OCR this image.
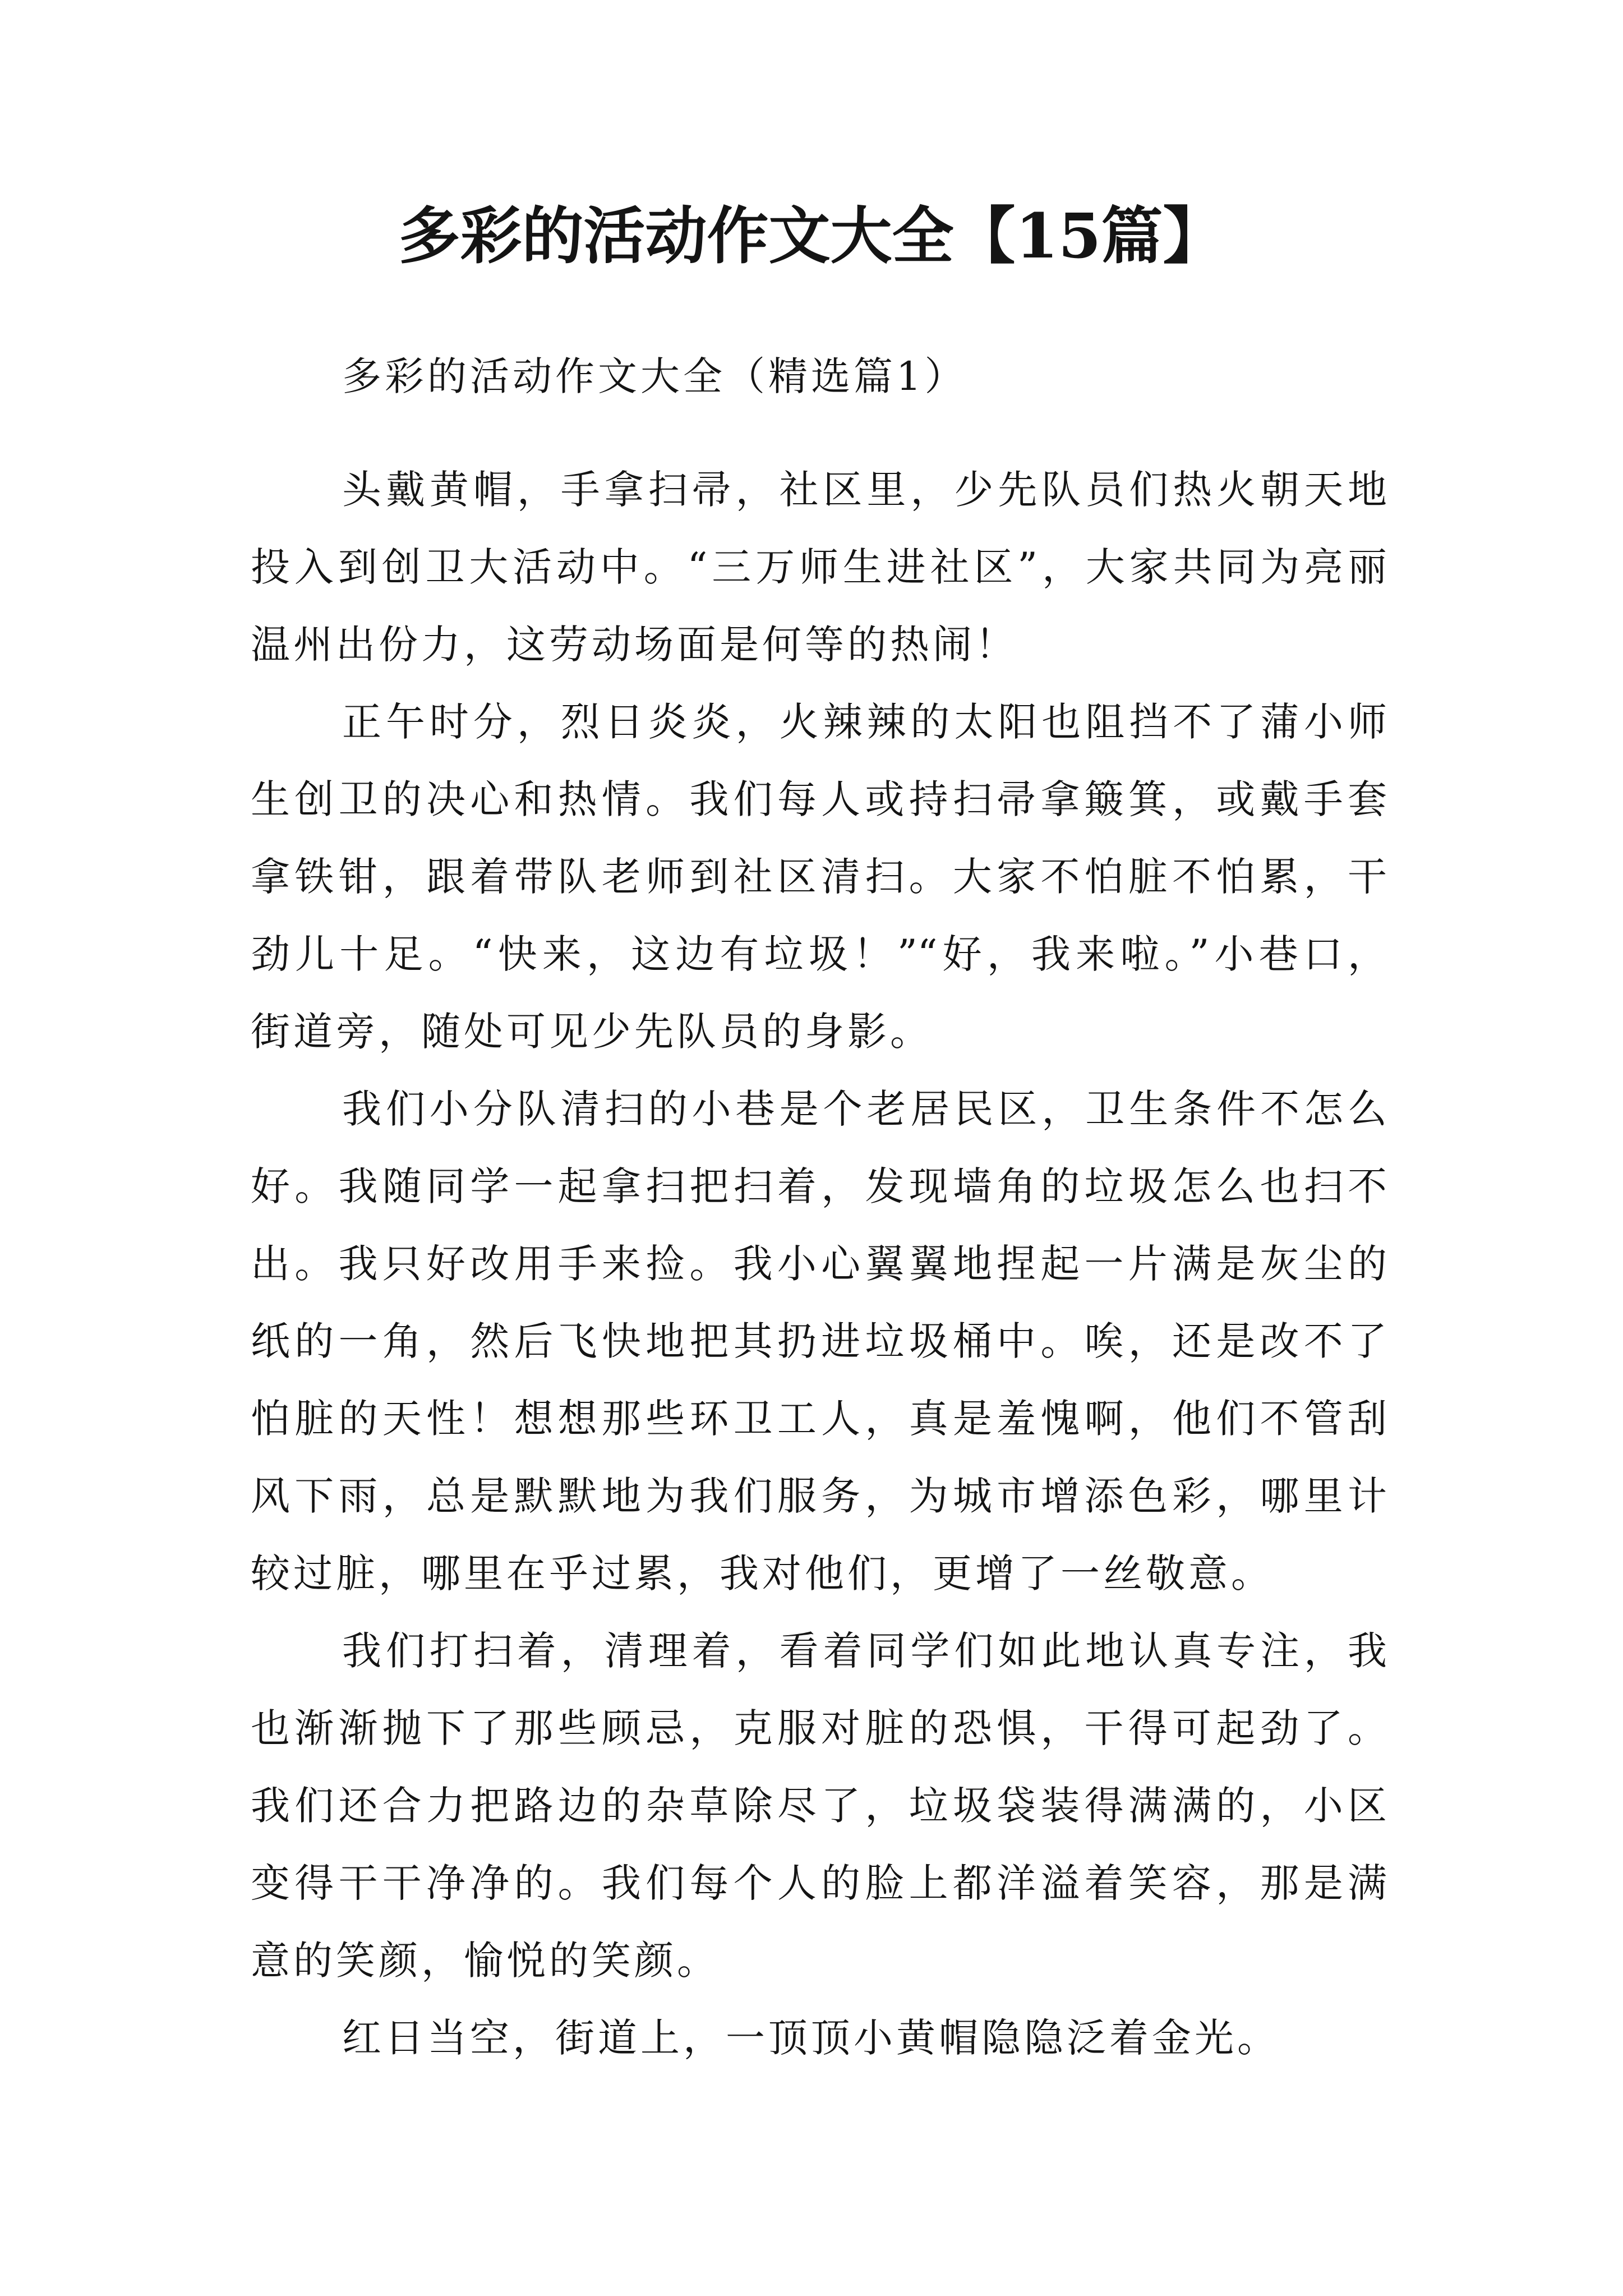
多彩的活动作文大全【15篇】
多彩的活动作文大全（精选篇1）
头戴黄帽，手拿扫帚，社区里，少先队员们热火朝天地
投入到创卫大活动中。“三万师生进社区”，大家共同为亮丽
温州出份力，这劳动场面是何等的热闹！
正午时分，烈日炎炎，火辣辣的太阳也阻挡不了蒲小师
生创卫的决心和热情。我们每人或持扫帚拿簸箕，或戴手套
拿铁钳，跟着带队老师到社区清扫。大家不怕脏不怕累，干
劲儿十足。“快来，这边有垃圾！”“好，我来啦。”小巷口，
街道旁，随处可见少先队员的身影。
我们小分队清扫的小巷是个老居民区，卫生条件不怎么
好。我随同学一起拿扫把扫着，发现墙角的垃圾怎么也扫不
出。我只好改用手来捡。我小心翼翼地捏起一片满是灰尘的
纸的一角，然后飞快地把其扔进垃圾桶中。唉，还是改不了
怕脏的天性！想想那些环卫工人，真是羞愧啊，他们不管刮
风下雨，总是默默地为我们服务，为城市增添色彩，哪里计
较过脏，哪里在乎过累，我对他们，更增了一丝敬意。
我们打扫着，清理着，看着同学们如此地认真专注，我
也渐渐抛下了那些顾忌，克服对脏的恐惧，干得可起劲了。
我们还合力把路边的杂草除尽了，垃圾袋装得满满的，小区
变得干干净净的。我们每个人的脸上都洋溢着笑容，那是满
意的笑颜，愉悦的笑颜。
红日当空，街道上，一顶顶小黄帽隐隐泛着金光。
